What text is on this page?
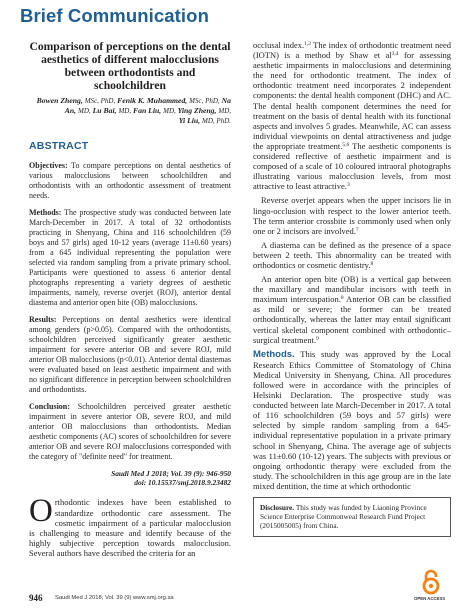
Brief Communication
Comparison of perceptions on the dental aesthetics of different malocclusions between orthodontists and schoolchildren
Bowen Zheng, MSc, PhD, Fenik K. Muhammed, MSc, PhD, Na An, MD, Lu Bai, MD, Fan Liu, MD, Ying Zheng, MD,
Yi Liu, MD, PhD.
ABSTRACT

Objectives: To compare perceptions on dental aesthetics of various malocclusions between schoolchildren and orthodontists with an orthodontic assessment of treatment needs.

Methods: The prospective study was conducted between late March-December in 2017. A total of 32 orthodontists practicing in Shenyang, China and 116 schoolchildren (59 boys and 57 girls) aged 10-12 years (average 11±0.60 years) from a 645 individual representing the population were selected via random sampling from a private primary school. Participants were questioned to assess 6 anterior dental photographs representing a variety degrees of aesthetic impairments, namely, reverse overjet (ROJ), anterior dental diastema and anterior open bite (OB) malocclusions.

Results: Perceptions on dental aesthetics were identical among genders (p>0.05). Compared with the orthodontists, schoolchildren perceived significantly greater aesthetic impairment for severe anterior OB and severe ROJ, mild anterior OB malocclusions (p<0.01). Anterior dental diastemas were evaluated based on least aesthetic impairment and with no significant difference in perception between schoolchildren and orthodontists.

Conclusion: Schoolchildren perceived greater aesthetic impairment in severe anterior OB, severe ROJ, and mild anterior OB malocclusions than orthodontists. Median aesthetic components (AC) scores of schoolchildren for severe anterior OB and severe ROJ malocclusions corresponded with the category of "definite need" for treatment.

Saudi Med J 2018; Vol. 39 (9): 946-950
doi: 10.15537/smj.2018.9.23482
Orthodontic indexes have been established to standardize orthodontic care assessment. The cosmetic impairment of a particular malocclusion is challenging to measure and identify because of the highly subjective perception towards malocclusion. Several authors have described the criteria for an

occlusal index.$^{1,2}$ The index of orthodontic treatment need (IOTN) is a method by Shaw et al$^{3,4}$ for assessing aesthetic impairments in malocclusions and determining the need for orthodontic treatment. The index of orthodontic treatment need incorporates 2 independent components: the dental health component (DHC) and AC. The dental health component determines the need for treatment on the basis of dental health with its functional aspects and involves 5 grades. Meanwhile, AC can assess individual viewpoints on dental attractiveness and judge the appropriate treatment.$^{5,6}$ The aesthetic components is considered reflective of aesthetic impairment and is composed of a scale of 10 coloured intraoral photographs illustrating various malocclusion levels, from most attractive to least attractive.$^3$

Reverse overjet appears when the upper incisors lie in lingo-occlusion with respect to the lower anterior teeth. The term anterior crossbite is commonly used when only one or 2 incisors are involved.$^7$

A diastema can be defined as the presence of a space between 2 teeth. This abnormality can be treated with orthodontics or cosmetic dentistry.$^8$

An anterior open bite (OB) is a vertical gap between the maxillary and mandibular incisors with teeth in maximum intercuspation.$^8$ Anterior OB can be classified as mild or severe; the former can be treated orthodontically, whereas the latter may entail significant vertical skeletal component combined with orthodontic–surgical treatment.$^9$

Methods. This study was approved by the Local Research Ethics Committee of Stomatology of China Medical University in Shenyang, China. All procedures followed were in accordance with the principles of Helsinki Declaration. The prospective study was conducted between late March-December in 2017. A total of 116 schoolchildren (59 boys and 57 girls) were selected by simple random sampling from a 645-individual representative population in a private primary school in Shenyang, China. The average age of subjects was 11±0.60 (10-12) years. The subjects with previous or ongoing orthodontic therapy were excluded from the study. The schoolchildren in this age group are in the late mixed dentition, the time at which orthodontic

Disclosure. This study was funded by Liaoning Province Science Enterprise Commonweal Research Fund Project (2015005005) from China.
946 Saudi Med J 2018; Vol. 39 (9) www.smj.org.sa	OPEN ACCESS
